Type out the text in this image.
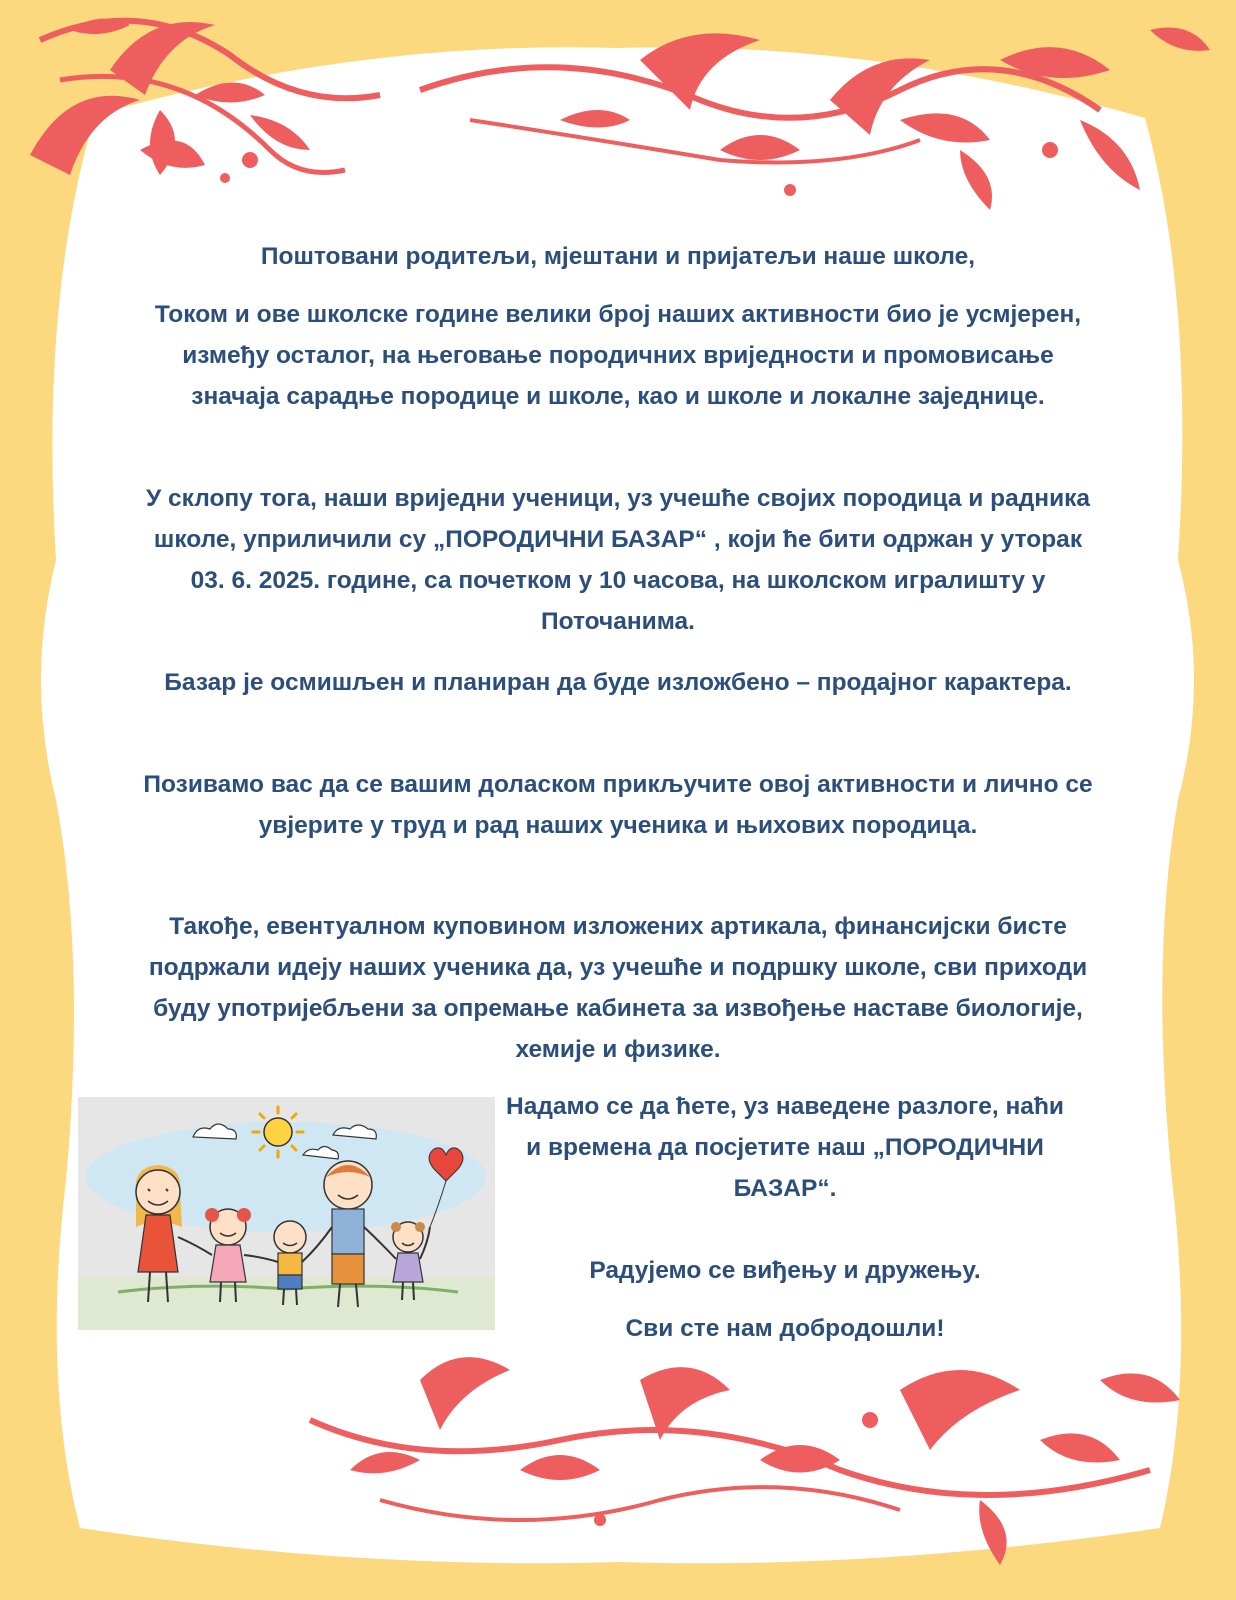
Поштовани родитељи, мјештани и пријатељи наше школе,

Током и ове школске године велики број наших активности био је усмјерен, између осталог, на његовање породичних вриједности и промовисање значаја сарадње породице и школе, као и школе и локалне заједнице.

У склопу тога, наши вриједни ученици, уз учешће својих породица и радника школе, уприличили су „ПОРОДИЧНИ БАЗАР“ , који ће бити одржан у уторак 03. 6. 2025. године, са почетком у 10 часова, на школском игралишту у Поточанима.

Базар је осмишљен и планиран да буде изложбено – продајног карактера.

Позивамо вас да се вашим доласком прикључите овој активности и лично се увјерите у труд и рад наших ученика и њихових породица.

Такође, евентуалном куповином изложених артикала, финансијски бисте подржали идеју наших ученика да, уз учешће и подршку школе, сви приходи буду употријебљени за опремање кабинета за извођење наставе биологије, хемије и физике.

Надамо се да ћете, уз наведене разлоге, наћи и времена да посјетите наш „ПОРОДИЧНИ БАЗАР“.

Радујемо се виђењу и дружењу.

Сви сте нам добродошли!
